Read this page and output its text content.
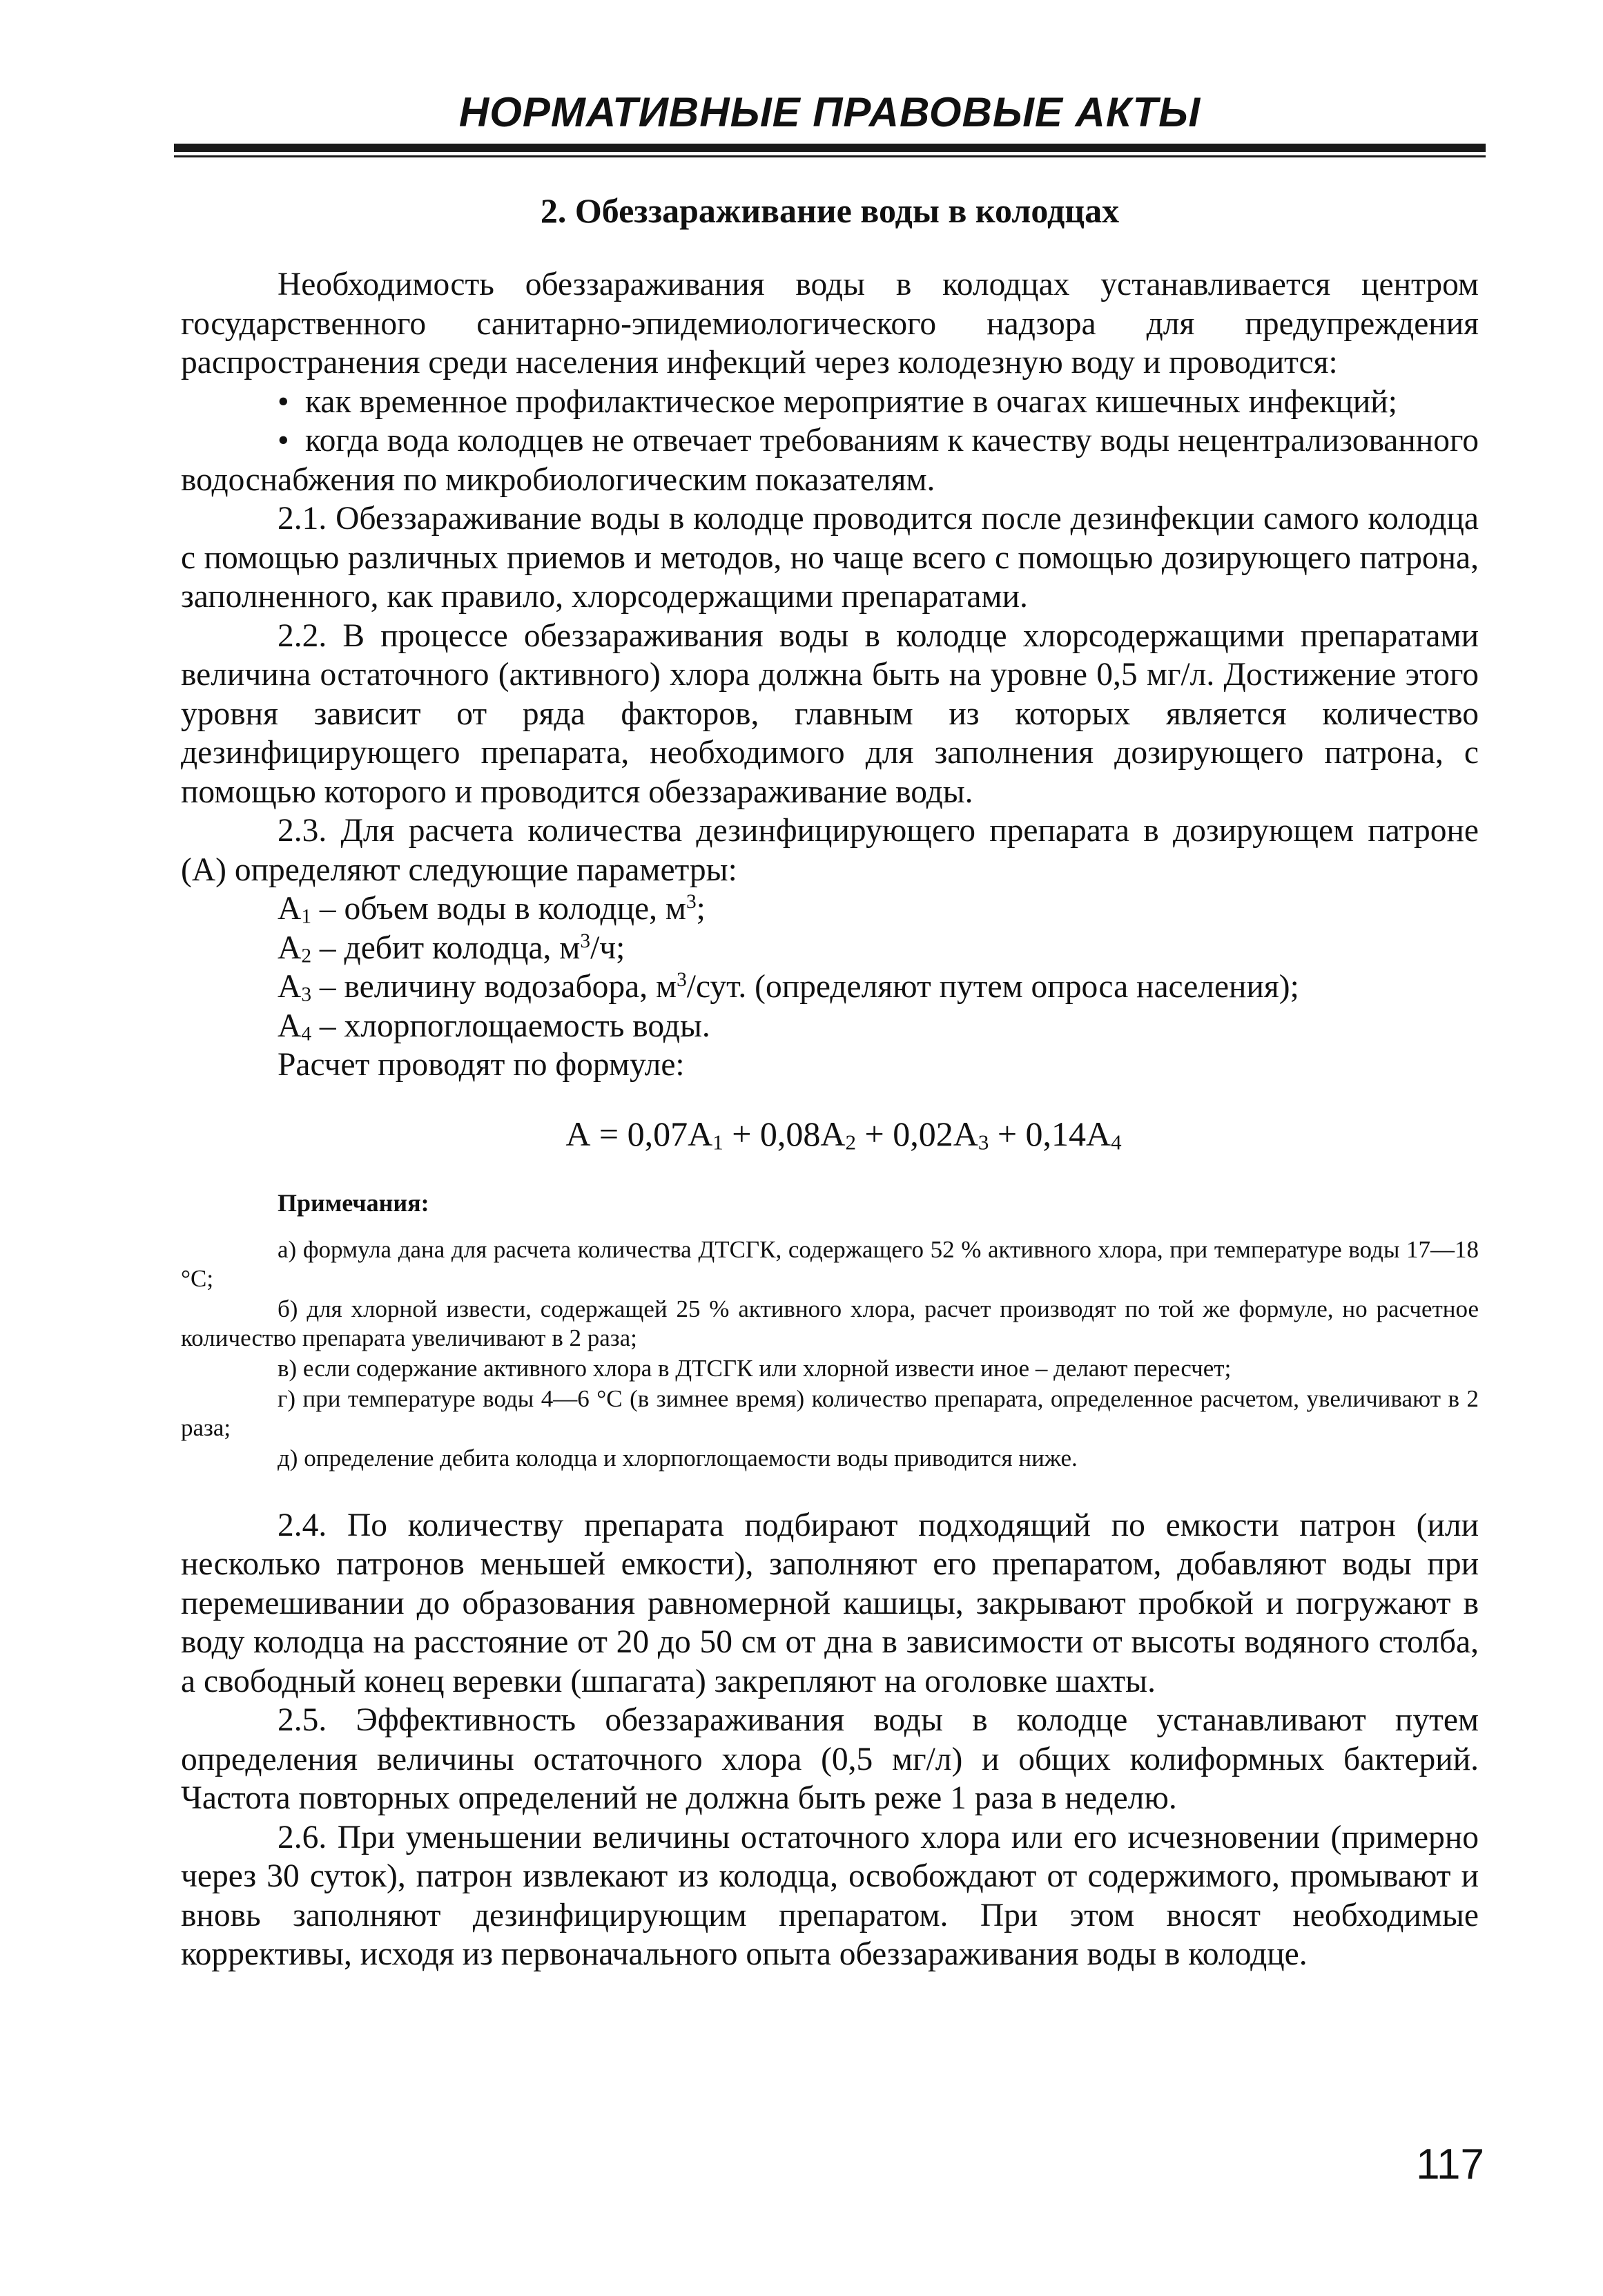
НОРМАТИВНЫЕ ПРАВОВЫЕ АКТЫ
2. Обеззараживание воды в колодцах

Необходимость обеззараживания воды в колодцах устанавливается центром государственного санитарно-эпидемиологического надзора для предупреждения распространения среди населения инфекций через колодезную воду и проводится:

• как временное профилактическое мероприятие в очагах кишечных инфекций;

• когда вода колодцев не отвечает требованиям к качеству воды нецентрализованного водоснабжения по микробиологическим показателям.

2.1. Обеззараживание воды в колодце проводится после дезинфекции самого колодца с помощью различных приемов и методов, но чаще всего с помощью дозирующего патрона, заполненного, как правило, хлорсодержащими препаратами.

2.2. В процессе обеззараживания воды в колодце хлорсодержащими препаратами величина остаточного (активного) хлора должна быть на уровне 0,5 мг/л. Достижение этого уровня зависит от ряда факторов, главным из которых является количество дезинфицирующего препарата, необходимого для заполнения дозирующего патрона, с помощью которого и проводится обеззараживание воды.

2.3. Для расчета количества дезинфицирующего препарата в дозирующем патроне (А) определяют следующие параметры:

$А_1$ – объем воды в колодце, $м^3$;

$А_2$ – дебит колодца, $м^3/ч$;

$А_3$ – величину водозабора, $м^3$/сут. (определяют путем опроса населения);

$А_4$ – хлорпоглощаемость воды.

Расчет проводят по формуле:

$А = 0,07А_1 + 0,08А_2 + 0,02А_3 + 0,14А_4$
Примечания:

а) формула дана для расчета количества ДТСГК, содержащего 52 % активного хлора, при температуре воды 17—18 °С;

б) для хлорной извести, содержащей 25 % активного хлора, расчет производят по той же формуле, но расчетное количество препарата увеличивают в 2 раза;

в) если содержание активного хлора в ДТСГК или хлорной извести иное – делают пересчет;

г) при температуре воды 4—6 °С (в зимнее время) количество препарата, определенное расчетом, увеличивают в 2 раза;

д) определение дебита колодца и хлорпоглощаемости воды приводится ниже.

2.4. По количеству препарата подбирают подходящий по емкости патрон (или несколько патронов меньшей емкости), заполняют его препаратом, добавляют воды при перемешивании до образования равномерной кашицы, закрывают пробкой и погружают в воду колодца на расстояние от 20 до 50 см от дна в зависимости от высоты водяного столба, а свободный конец веревки (шпагата) закрепляют на оголовке шахты.

2.5. Эффективность обеззараживания воды в колодце устанавливают путем определения величины остаточного хлора (0,5 мг/л) и общих колиформных бактерий. Частота повторных определений не должна быть реже 1 раза в неделю.

2.6. При уменьшении величины остаточного хлора или его исчезновении (примерно через 30 суток), патрон извлекают из колодца, освобождают от содержимого, промывают и вновь заполняют дезинфицирующим препаратом. При этом вносят необходимые коррективы, исходя из первоначального опыта обеззараживания воды в колодце.

117
